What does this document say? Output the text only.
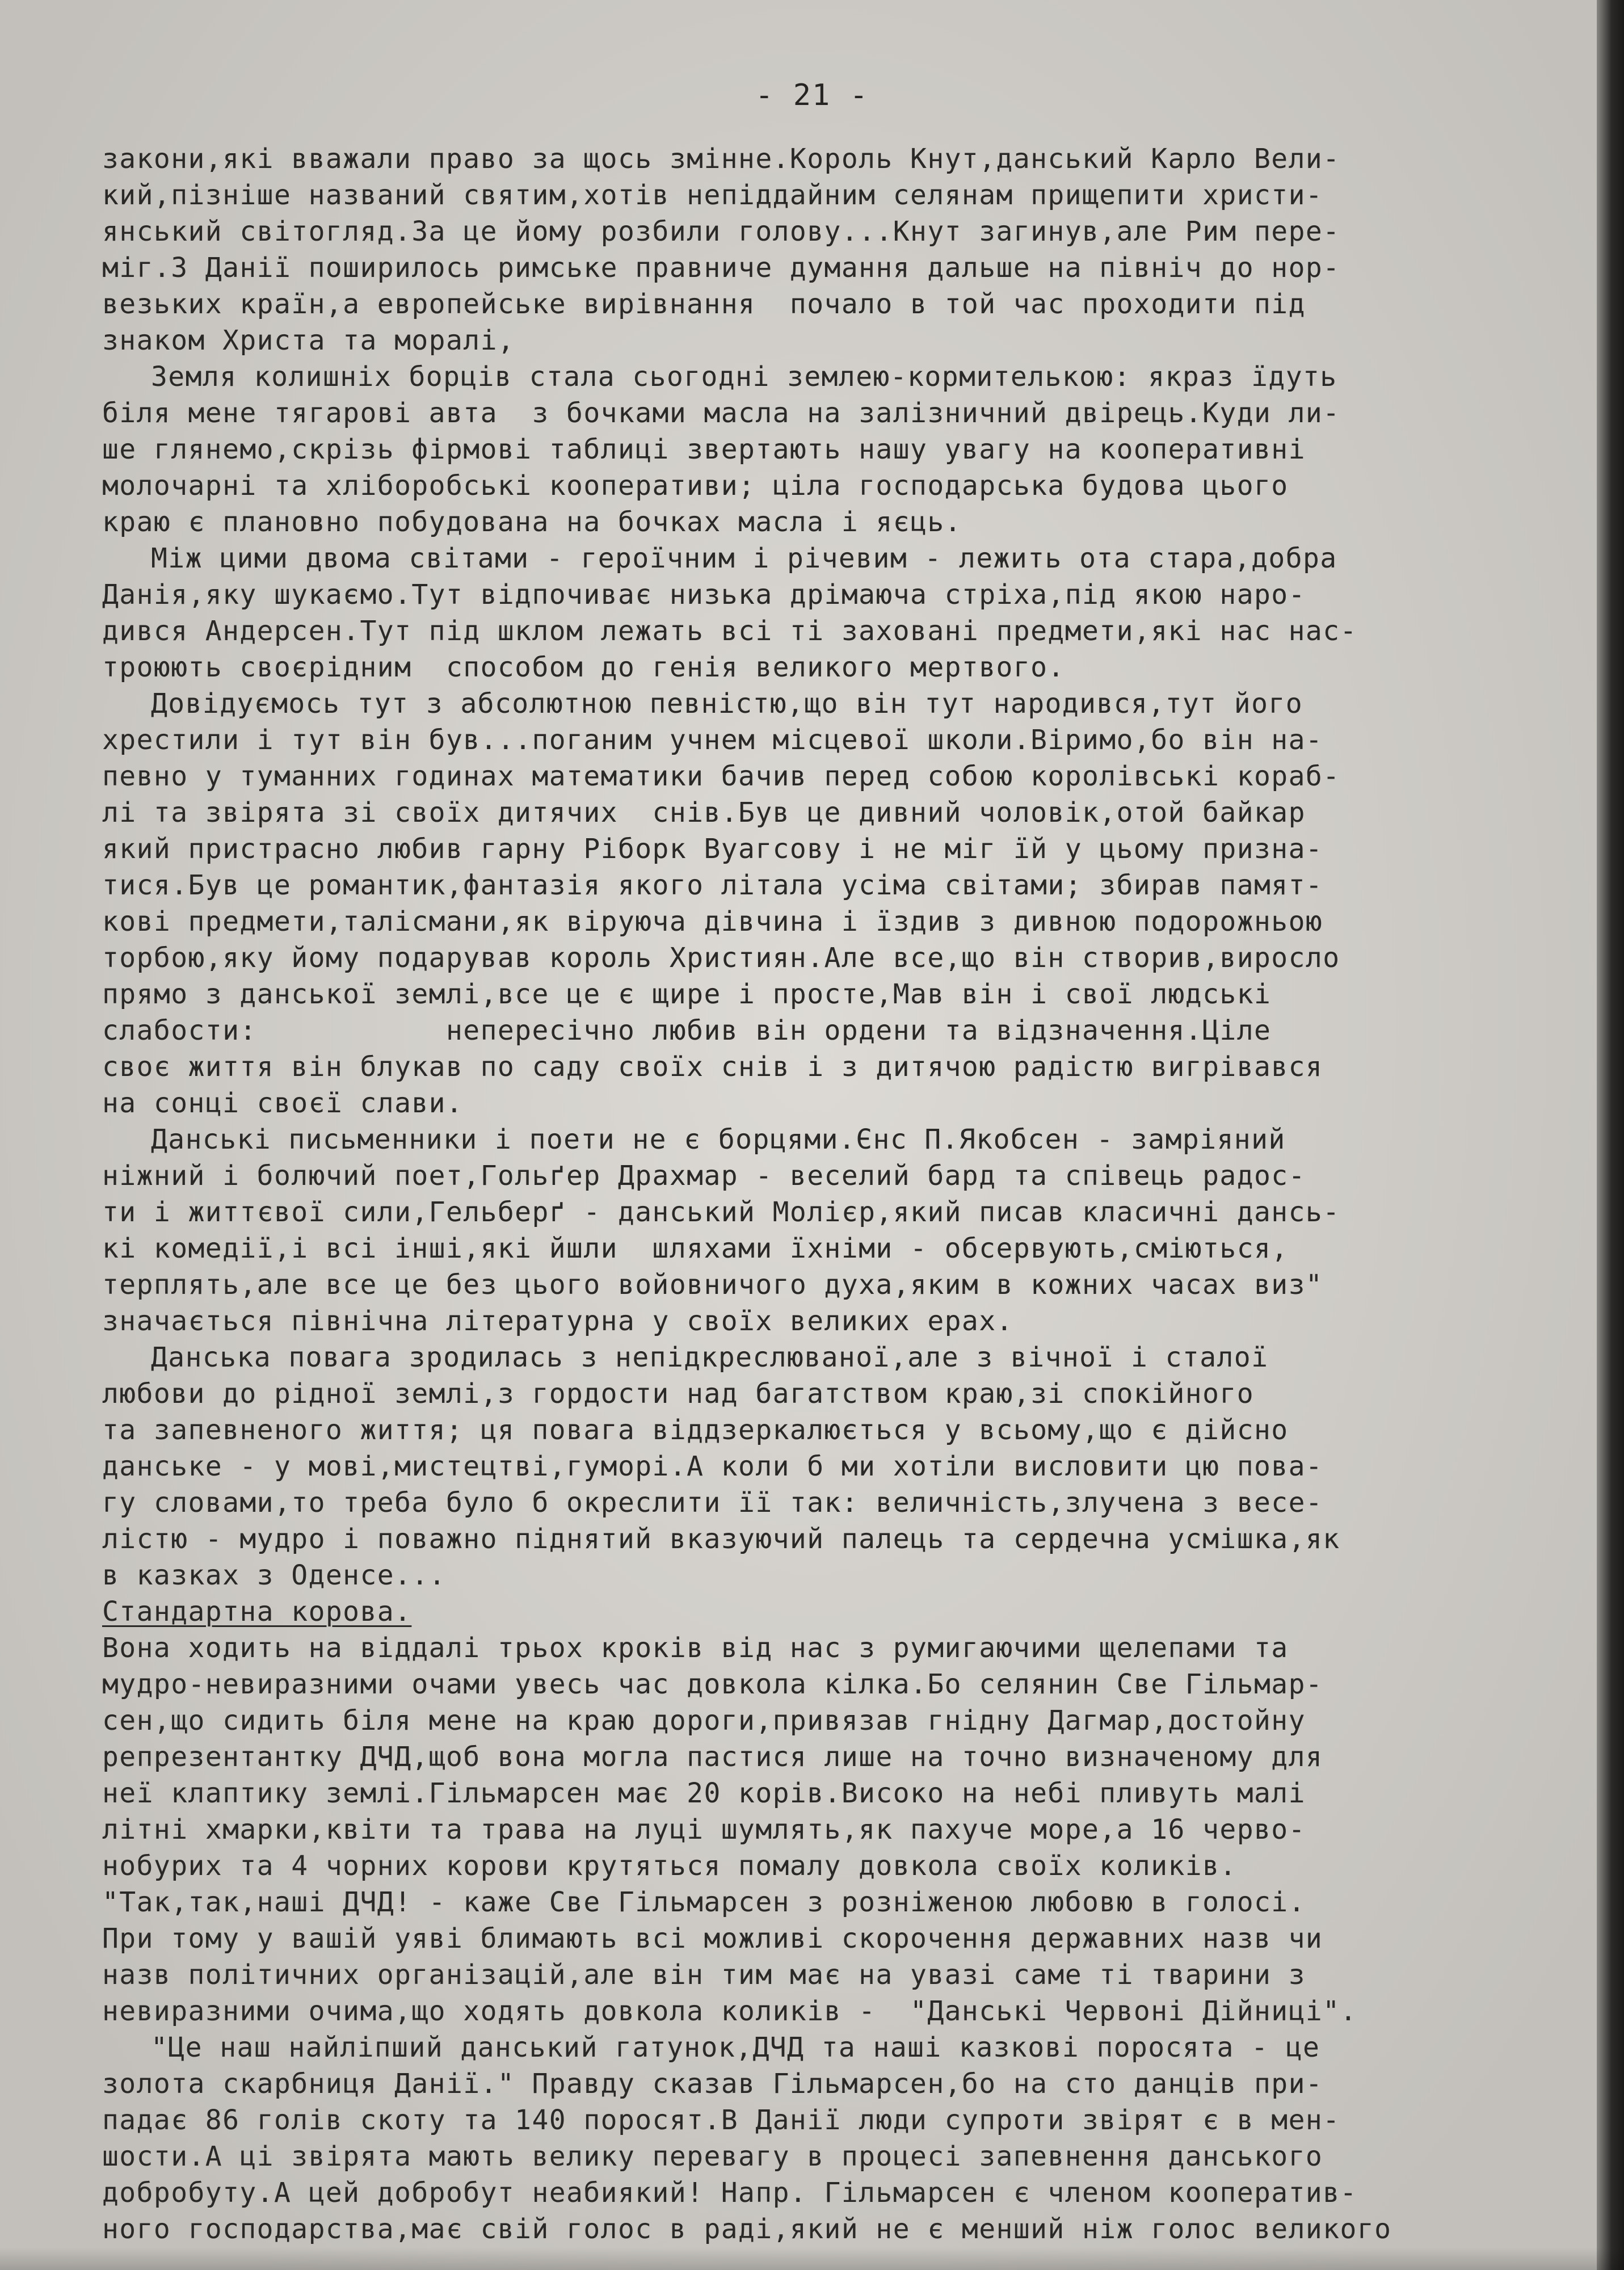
- 21 -
закони,які вважали право за щось змінне.Король Кнут,данський Карло Вели-
кий,пізніше названий святим,хотів непіддайним селянам прищепити христи-
янський світогляд.За це йому розбили голову...Кнут загинув,але Рим пере-
міг.З Данії поширилось римське правниче думання дальше на північ до нор-
везьких країн,а европейське вирівнання  почало в той час проходити під
знаком Христа та моралі,
Земля колишніх борців стала сьогодні землею-кормителькою: якраз їдуть
біля мене тягарові авта  з бочками масла на залізничний двірець.Куди ли-
ше глянемо,скрізь фірмові таблиці звертають нашу увагу на кооперативні
молочарні та хліборобські кооперативи; ціла господарська будова цього
краю є плановно побудована на бочках масла і яєць.
Між цими двома світами - героїчним і річевим - лежить ота стара,добра
Данія,яку шукаємо.Тут відпочиває низька дрімаюча стріха,під якою наро-
дився Андерсен.Тут під шклом лежать всі ті заховані предмети,які нас нас-
троюють своєрідним  способом до генія великого мертвого.
Довідуємось тут з абсолютною певністю,що він тут народився,тут його
хрестили і тут він був...поганим учнем місцевої школи.Віримо,бо він на-
певно у туманних годинах математики бачив перед собою королівські кораб-
лі та звірята зі своїх дитячих  снів.Був це дивний чоловік,отой байкар
який пристрасно любив гарну Ріборк Вуагсову і не міг їй у цьому призна-
тися.Був це романтик,фантазія якого літала усіма світами; збирав памят-
кові предмети,талісмани,як віруюча дівчина і їздив з дивною подорожньою
торбою,яку йому подарував король Християн.Але все,що він створив,виросло
прямо з данської землі,все це є щире і просте,Мав він і свої людські
слабости:           непересічно любив він ордени та відзначення.Ціле
своє життя він блукав по саду своїх снів і з дитячою радістю вигрівався
на сонці своєї слави.
Данські письменники і поети не є борцями.Єнс П.Якобсен - замріяний
ніжний і болючий поет,Гольґер Драхмар - веселий бард та співець радос-
ти і життєвої сили,Гельберґ - данський Молієр,який писав класичні дансь-
кі комедії,і всі інші,які йшли  шляхами їхніми - обсервують,сміються,
терплять,але все це без цього войовничого духа,яким в кожних часах виз"
значається північна літературна у своїх великих ерах.
Данська повага зродилась з непідкреслюваної,але з вічної і сталої
любови до рідної землі,з гордости над багатством краю,зі спокійного
та запевненого життя; ця повага віддзеркалюється у всьому,що є дійсно
данське - у мові,мистецтві,гуморі.А коли б ми хотіли висловити цю пова-
гу словами,то треба було б окреслити її так: величність,злучена з весе-
лістю - мудро і поважно піднятий вказуючий палець та сердечна усмішка,як
в казках з Оденсе...
Стандартна корова.
Вона ходить на віддалі трьох кроків від нас з румигаючими щелепами та
мудро-невиразними очами увесь час довкола кілка.Бо селянин Све Гільмар-
сен,що сидить біля мене на краю дороги,привязав гнідну Дагмар,достойну
репрезентантку ДЧД,щоб вона могла пастися лише на точно визначеному для
неї клаптику землі.Гільмарсен має 20 корів.Високо на небі пливуть малі
літні хмарки,квіти та трава на луці шумлять,як пахуче море,а 16 черво-
нобурих та 4 чорних корови крутяться помалу довкола своїх коликів.
"Так,так,наші ДЧД! - каже Све Гільмарсен з розніженою любовю в голосі.
При тому у вашій уяві блимають всі можливі скорочення державних назв чи
назв політичних організацій,але він тим має на увазі саме ті тварини з
невиразними очима,що ходять довкола коликів -  "Данські Червоні Дійниці".
"Це наш найліпший данський гатунок,ДЧД та наші казкові поросята - це
золота скарбниця Данії." Правду сказав Гільмарсен,бо на сто данців при-
падає 86 голів скоту та 140 поросят.В Данії люди супроти звірят є в мен-
шости.А ці звірята мають велику перевагу в процесі запевнення данського
добробуту.А цей добробут неабиякий! Напр. Гільмарсен є членом кооператив-
ного господарства,має свій голос в раді,який не є менший ніж голос великого
